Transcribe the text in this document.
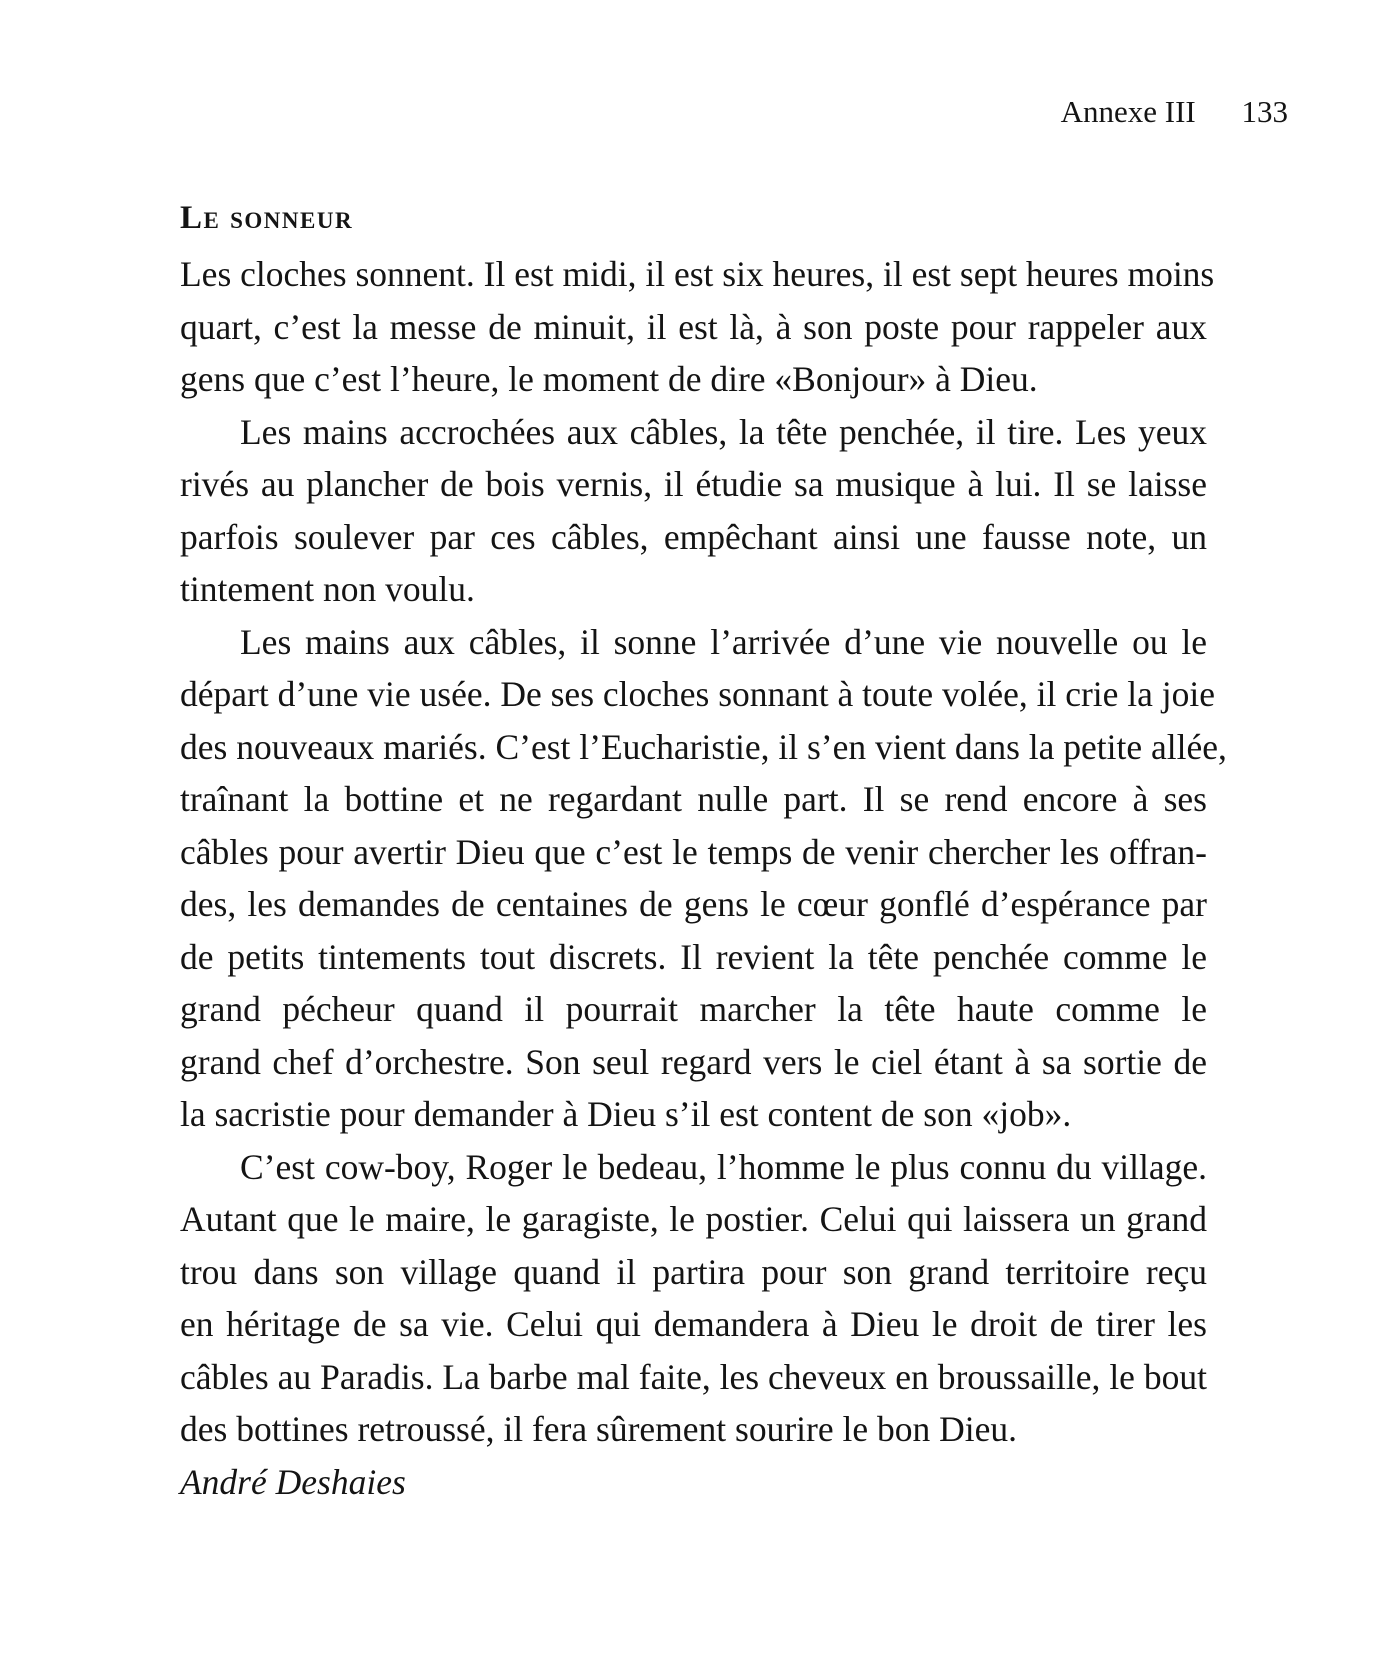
Annexe III 133
Le sonneur

Les cloches sonnent. Il est midi, il est six heures, il est sept heures moins
quart, c’est la messe de minuit, il est là, à son poste pour rappeler aux
gens que c’est l’heure, le moment de dire «Bonjour» à Dieu.

Les mains accrochées aux câbles, la tête penchée, il tire. Les yeux
rivés au plancher de bois vernis, il étudie sa musique à lui. Il se laisse
parfois soulever par ces câbles, empêchant ainsi une fausse note, un
tintement non voulu.

Les mains aux câbles, il sonne l’arrivée d’une vie nouvelle ou le
départ d’une vie usée. De ses cloches sonnant à toute volée, il crie la joie
des nouveaux mariés. C’est l’Eucharistie, il s’en vient dans la petite allée,
traînant la bottine et ne regardant nulle part. Il se rend encore à ses
câbles pour avertir Dieu que c’est le temps de venir chercher les offran-
des, les demandes de centaines de gens le cœur gonflé d’espérance par
de petits tintements tout discrets. Il revient la tête penchée comme le
grand pécheur quand il pourrait marcher la tête haute comme le
grand chef d’orchestre. Son seul regard vers le ciel étant à sa sortie de
la sacristie pour demander à Dieu s’il est content de son «job».

C’est cow-boy, Roger le bedeau, l’homme le plus connu du village.
Autant que le maire, le garagiste, le postier. Celui qui laissera un grand
trou dans son village quand il partira pour son grand territoire reçu
en héritage de sa vie. Celui qui demandera à Dieu le droit de tirer les
câbles au Paradis. La barbe mal faite, les cheveux en broussaille, le bout
des bottines retroussé, il fera sûrement sourire le bon Dieu.

André Deshaies
